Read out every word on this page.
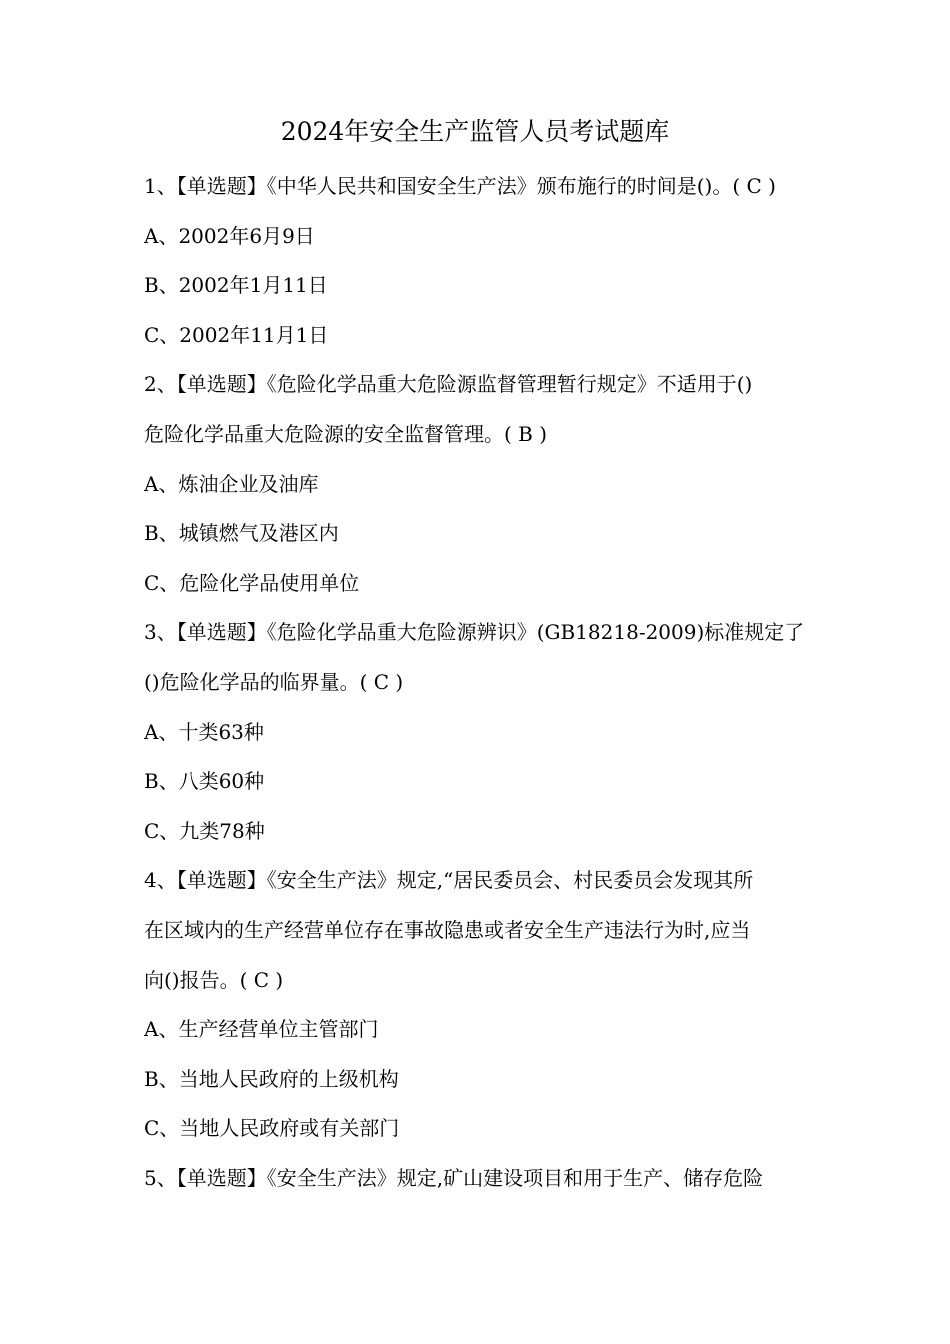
2024年安全生产监管人员考试题库
1、【单选题】《中华人民共和国安全生产法》颁布施行的时间是()。( C )
A、2002年6月9日
B、2002年1月11日
C、2002年11月1日
2、【单选题】《危险化学品重大危险源监督管理暂行规定》不适用于()
危险化学品重大危险源的安全监督管理。( B )
A、炼油企业及油库
B、城镇燃气及港区内
C、危险化学品使用单位
3、【单选题】《危险化学品重大危险源辨识》(GB18218-2009)标准规定了
()危险化学品的临界量。( C )
A、十类63种
B、八类60种
C、九类78种
4、【单选题】《安全生产法》规定,“居民委员会、村民委员会发现其所
在区域内的生产经营单位存在事故隐患或者安全生产违法行为时,应当
向()报告。( C )
A、生产经营单位主管部门
B、当地人民政府的上级机构
C、当地人民政府或有关部门
5、【单选题】《安全生产法》规定,矿山建设项目和用于生产、储存危险
